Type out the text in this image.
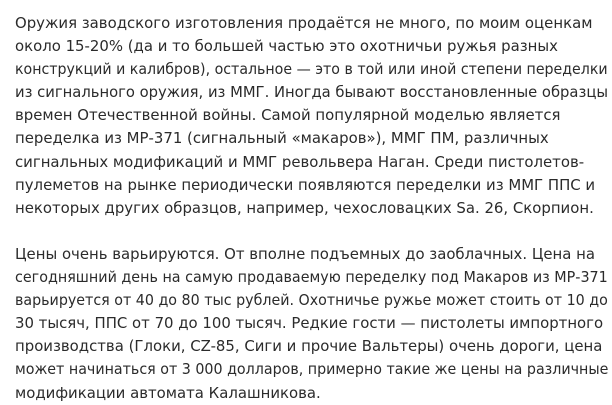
Оружия заводского изготовления продаётся не много, по моим оценкам
около 15-20% (да и то большей частью это охотничьи ружья разных
конструкций и калибров), остальное — это в той или иной степени переделки
из сигнального оружия, из ММГ. Иногда бывают восстановленные образцы
времен Отечественной войны. Самой популярной моделью является
переделка из МР-371 (сигнальный «макаров»), ММГ ПМ, различных
сигнальных модификаций и ММГ револьвера Наган. Среди пистолетов-
пулеметов на рынке периодически появляются переделки из ММГ ППС и
некоторых других образцов, например, чехословацких Sa. 26, Скорпион.

Цены очень варьируются. От вполне подъемных до заоблачных. Цена на
сегодняшний день на самую продаваемую переделку под Макаров из МР-371
варьируется от 40 до 80 тыс рублей. Охотничье ружье может стоить от 10 до
30 тысяч, ППС от 70 до 100 тысяч. Редкие гости — пистолеты импортного
производства (Глоки, CZ-85, Сиги и прочие Вальтеры) очень дороги, цена
может начинаться от 3 000 долларов, примерно такие же цены на различные
модификации автомата Калашникова.
